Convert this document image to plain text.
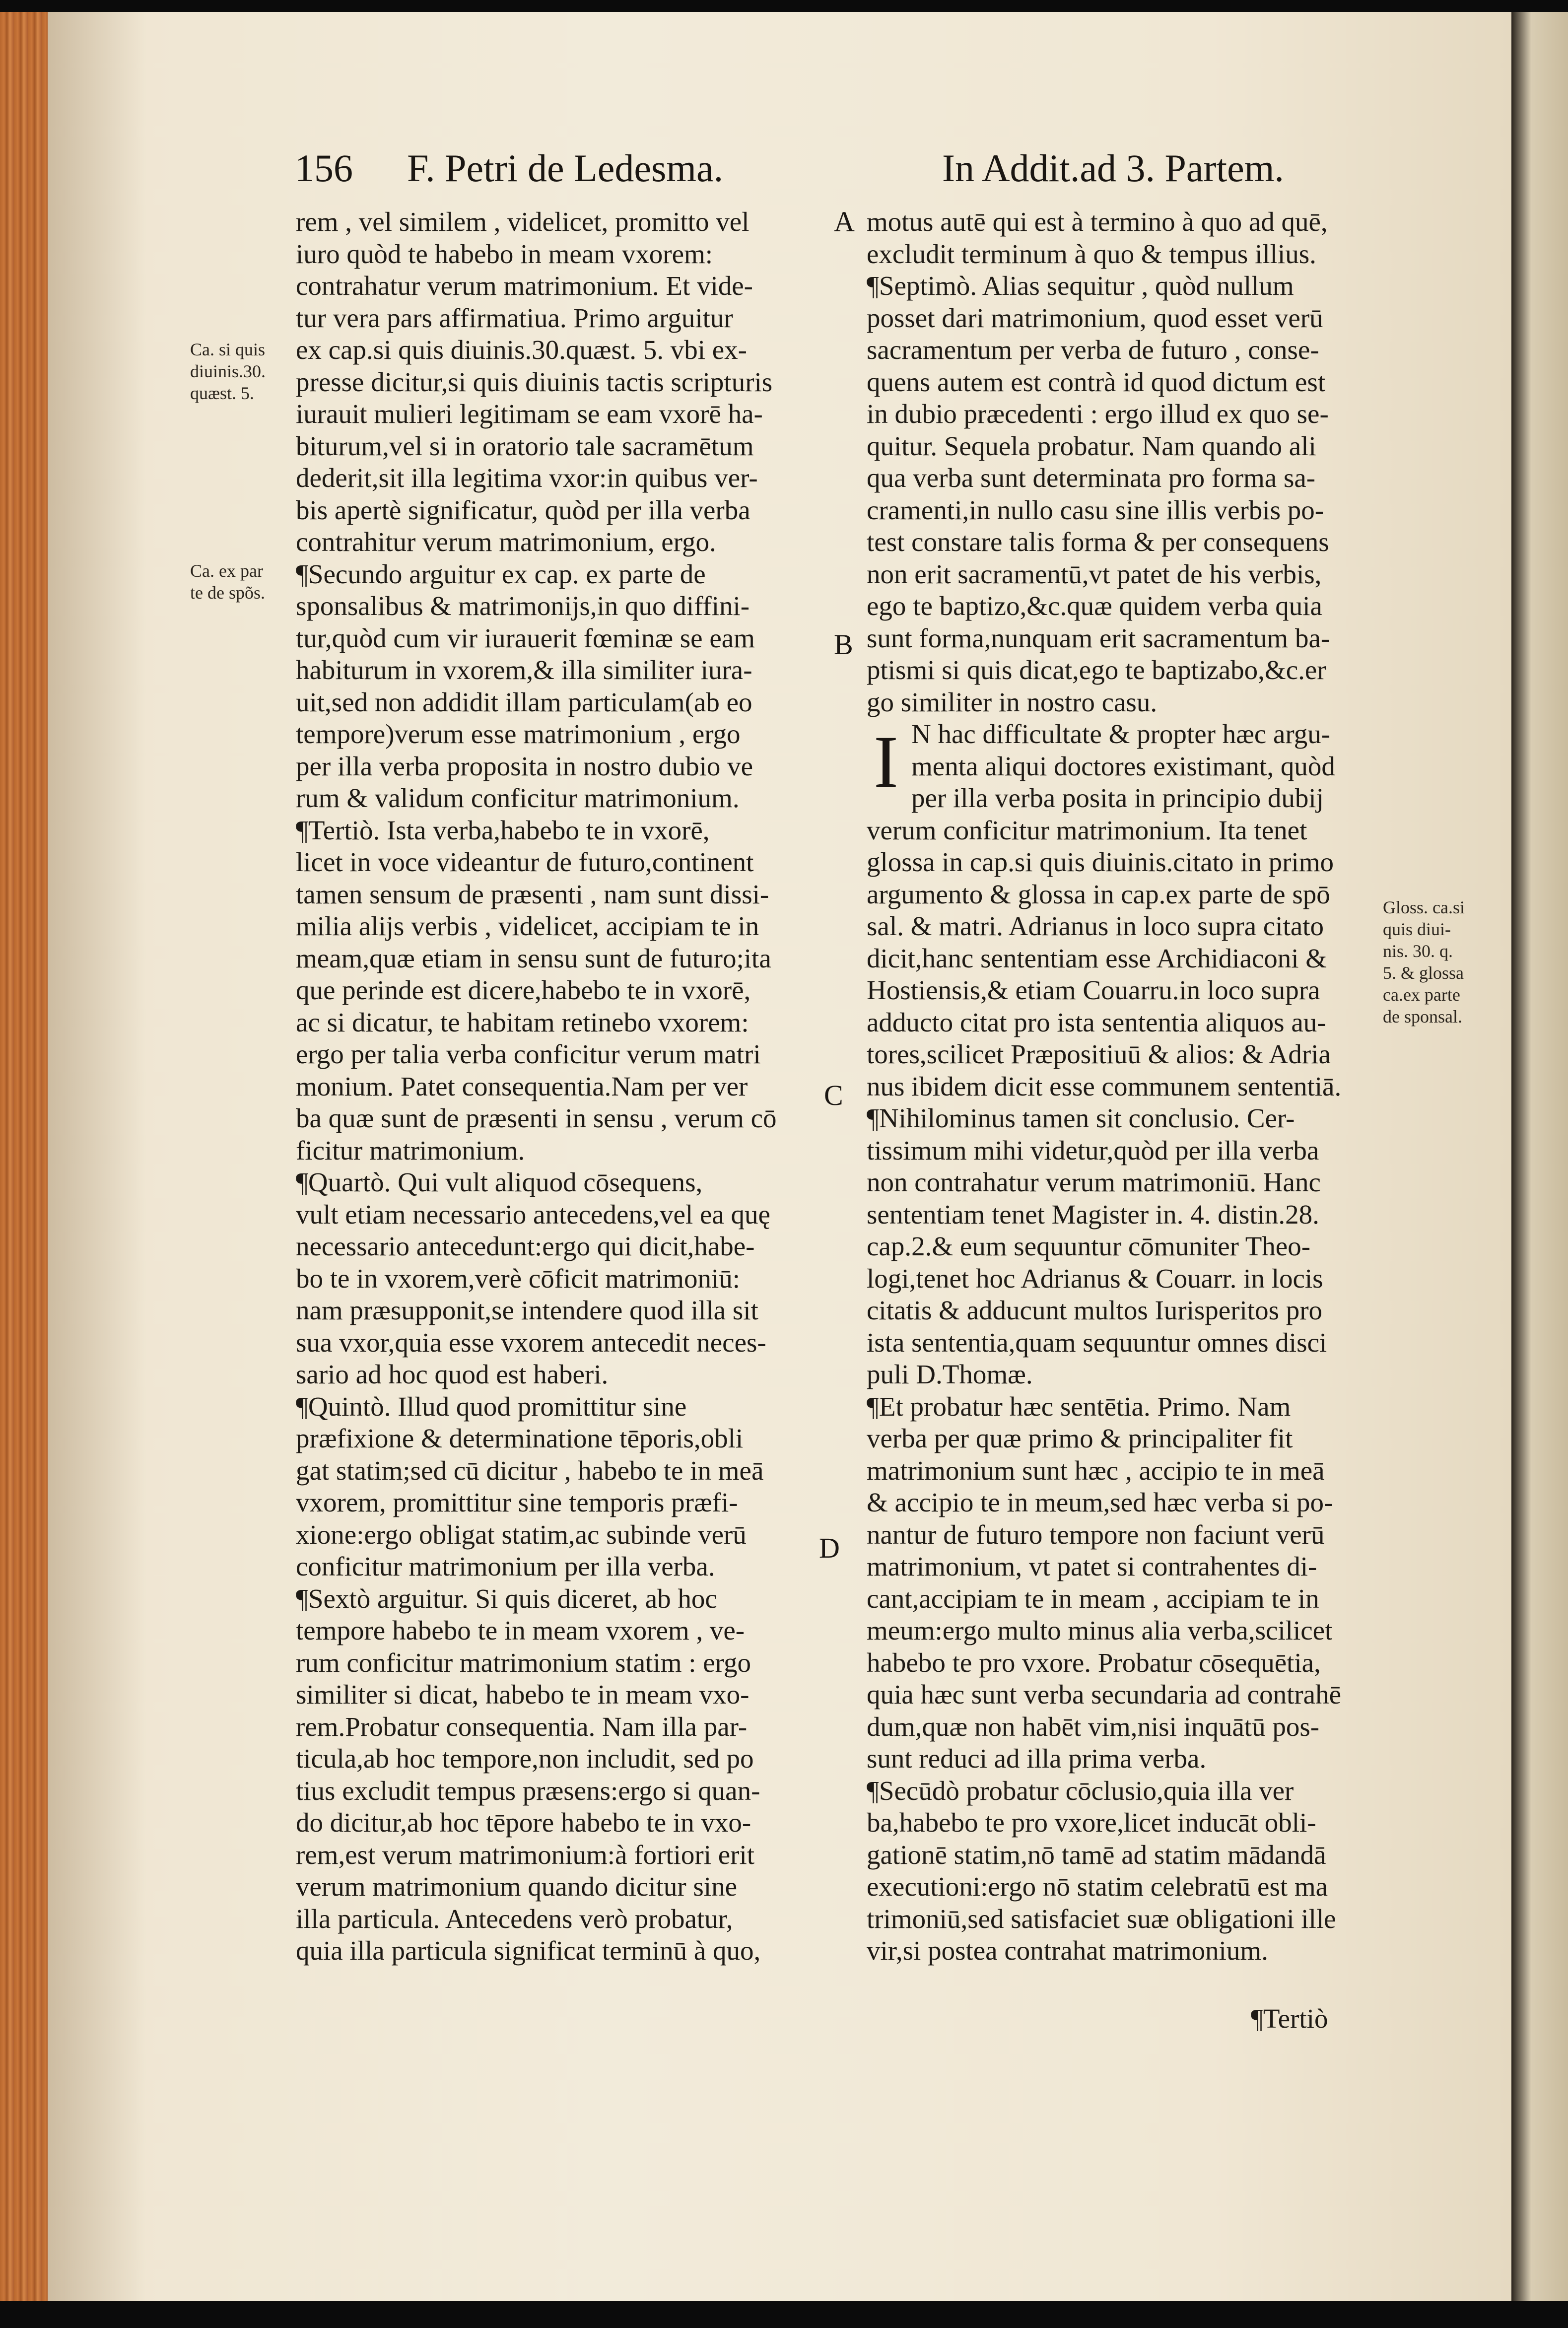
156 F. Petri de Ledesma.	In Addit.ad 3. Partem.
Ca. si quis
diuinis.30.
quæst. 5.
Ca. ex par
te de spõs.
Gloss. ca.si
quis diui-
nis. 30. q.
5. & glossa
ca.ex parte
de sponsal.
A
B
C
D
rem , vel similem , videlicet, promitto vel
iuro quòd te habebo in meam vxorem:
contrahatur verum matrimonium. Et vide-
tur vera pars affirmatiua. Primo arguitur
ex cap.si quis diuinis.30.quæst. 5. vbi ex-
presse dicitur,si quis diuinis tactis scripturis
iurauit mulieri legitimam se eam vxorē ha-
biturum,vel si in oratorio tale sacramētum
dederit,sit illa legitima vxor:in quibus ver-
bis apertè significatur, quòd per illa verba
contrahitur verum matrimonium, ergo.
¶Secundo arguitur ex cap. ex parte de
sponsalibus & matrimonijs,in quo diffini-
tur,quòd cum vir iurauerit fœminæ se eam
habiturum in vxorem,& illa similiter iura-
uit,sed non addidit illam particulam(ab eo
tempore)verum esse matrimonium , ergo
per illa verba proposita in nostro dubio ve
rum & validum conficitur matrimonium.
¶Tertiò. Ista verba,habebo te in vxorē,
licet in voce videantur de futuro,continent
tamen sensum de præsenti , nam sunt dissi-
milia alijs verbis , videlicet, accipiam te in
meam,quæ etiam in sensu sunt de futuro;ita
que perinde est dicere,habebo te in vxorē,
ac si dicatur, te habitam retinebo vxorem:
ergo per talia verba conficitur verum matri
monium. Patet consequentia.Nam per ver
ba quæ sunt de præsenti in sensu , verum cō
ficitur matrimonium.
¶Quartò. Qui vult aliquod cōsequens,
vult etiam necessario antecedens,vel ea quę
necessario antecedunt:ergo qui dicit,habe-
bo te in vxorem,verè cōficit matrimoniū:
nam præsupponit,se intendere quod illa sit
sua vxor,quia esse vxorem antecedit neces-
sario ad hoc quod est haberi.
¶Quintò. Illud quod promittitur sine
præfixione & determinatione tēporis,obli
gat statim;sed cū dicitur , habebo te in meā
vxorem, promittitur sine temporis præfi-
xione:ergo obligat statim,ac subinde verū
conficitur matrimonium per illa verba.
¶Sextò arguitur. Si quis diceret, ab hoc
tempore habebo te in meam vxorem , ve-
rum conficitur matrimonium statim : ergo
similiter si dicat, habebo te in meam vxo-
rem.Probatur consequentia. Nam illa par-
ticula,ab hoc tempore,non includit, sed po
tius excludit tempus præsens:ergo si quan-
do dicitur,ab hoc tēpore habebo te in vxo-
rem,est verum matrimonium:à fortiori erit
verum matrimonium quando dicitur sine
illa particula. Antecedens verò probatur,
quia illa particula significat terminū à quo,
motus autē qui est à termino à quo ad quē,
excludit terminum à quo & tempus illius.
¶Septimò. Alias sequitur , quòd nullum
posset dari matrimonium, quod esset verū
sacramentum per verba de futuro , conse-
quens autem est contrà id quod dictum est
in dubio præcedenti : ergo illud ex quo se-
quitur. Sequela probatur. Nam quando ali
qua verba sunt determinata pro forma sa-
cramenti,in nullo casu sine illis verbis po-
test constare talis forma & per consequens
non erit sacramentū,vt patet de his verbis,
ego te baptizo,&c.quæ quidem verba quia
sunt forma,nunquam erit sacramentum ba-
ptismi si quis dicat,ego te baptizabo,&c.er
go similiter in nostro casu.
N hac difficultate & propter hæc argu-
menta aliqui doctores existimant, quòd
per illa verba posita in principio dubij
verum conficitur matrimonium. Ita tenet
glossa in cap.si quis diuinis.citato in primo
argumento & glossa in cap.ex parte de spō
sal. & matri. Adrianus in loco supra citato
dicit,hanc sententiam esse Archidiaconi &
Hostiensis,& etiam Couarru.in loco supra
adducto citat pro ista sententia aliquos au-
tores,scilicet Præpositiuū & alios: & Adria
nus ibidem dicit esse communem sententiā.
¶Nihilominus tamen sit conclusio. Cer-
tissimum mihi videtur,quòd per illa verba
non contrahatur verum matrimoniū. Hanc
sententiam tenet Magister in. 4. distin.28.
cap.2.& eum sequuntur cōmuniter Theo-
logi,tenet hoc Adrianus & Couarr. in locis
citatis & adducunt multos Iurisperitos pro
ista sententia,quam sequuntur omnes disci
puli D.Thomæ.
¶Et probatur hæc sentētia. Primo. Nam
verba per quæ primo & principaliter fit
matrimonium sunt hæc , accipio te in meā
& accipio te in meum,sed hæc verba si po-
nantur de futuro tempore non faciunt verū
matrimonium, vt patet si contrahentes di-
cant,accipiam te in meam , accipiam te in
meum:ergo multo minus alia verba,scilicet
habebo te pro vxore. Probatur cōsequētia,
quia hæc sunt verba secundaria ad contrahē
dum,quæ non habēt vim,nisi inquātū pos-
sunt reduci ad illa prima verba.
¶Secūdò probatur cōclusio,quia illa ver
ba,habebo te pro vxore,licet inducāt obli-
gationē statim,nō tamē ad statim mādandā
executioni:ergo nō statim celebratū est ma
trimoniū,sed satisfaciet suæ obligationi ille
vir,si postea contrahat matrimonium.
I
¶Tertiò
